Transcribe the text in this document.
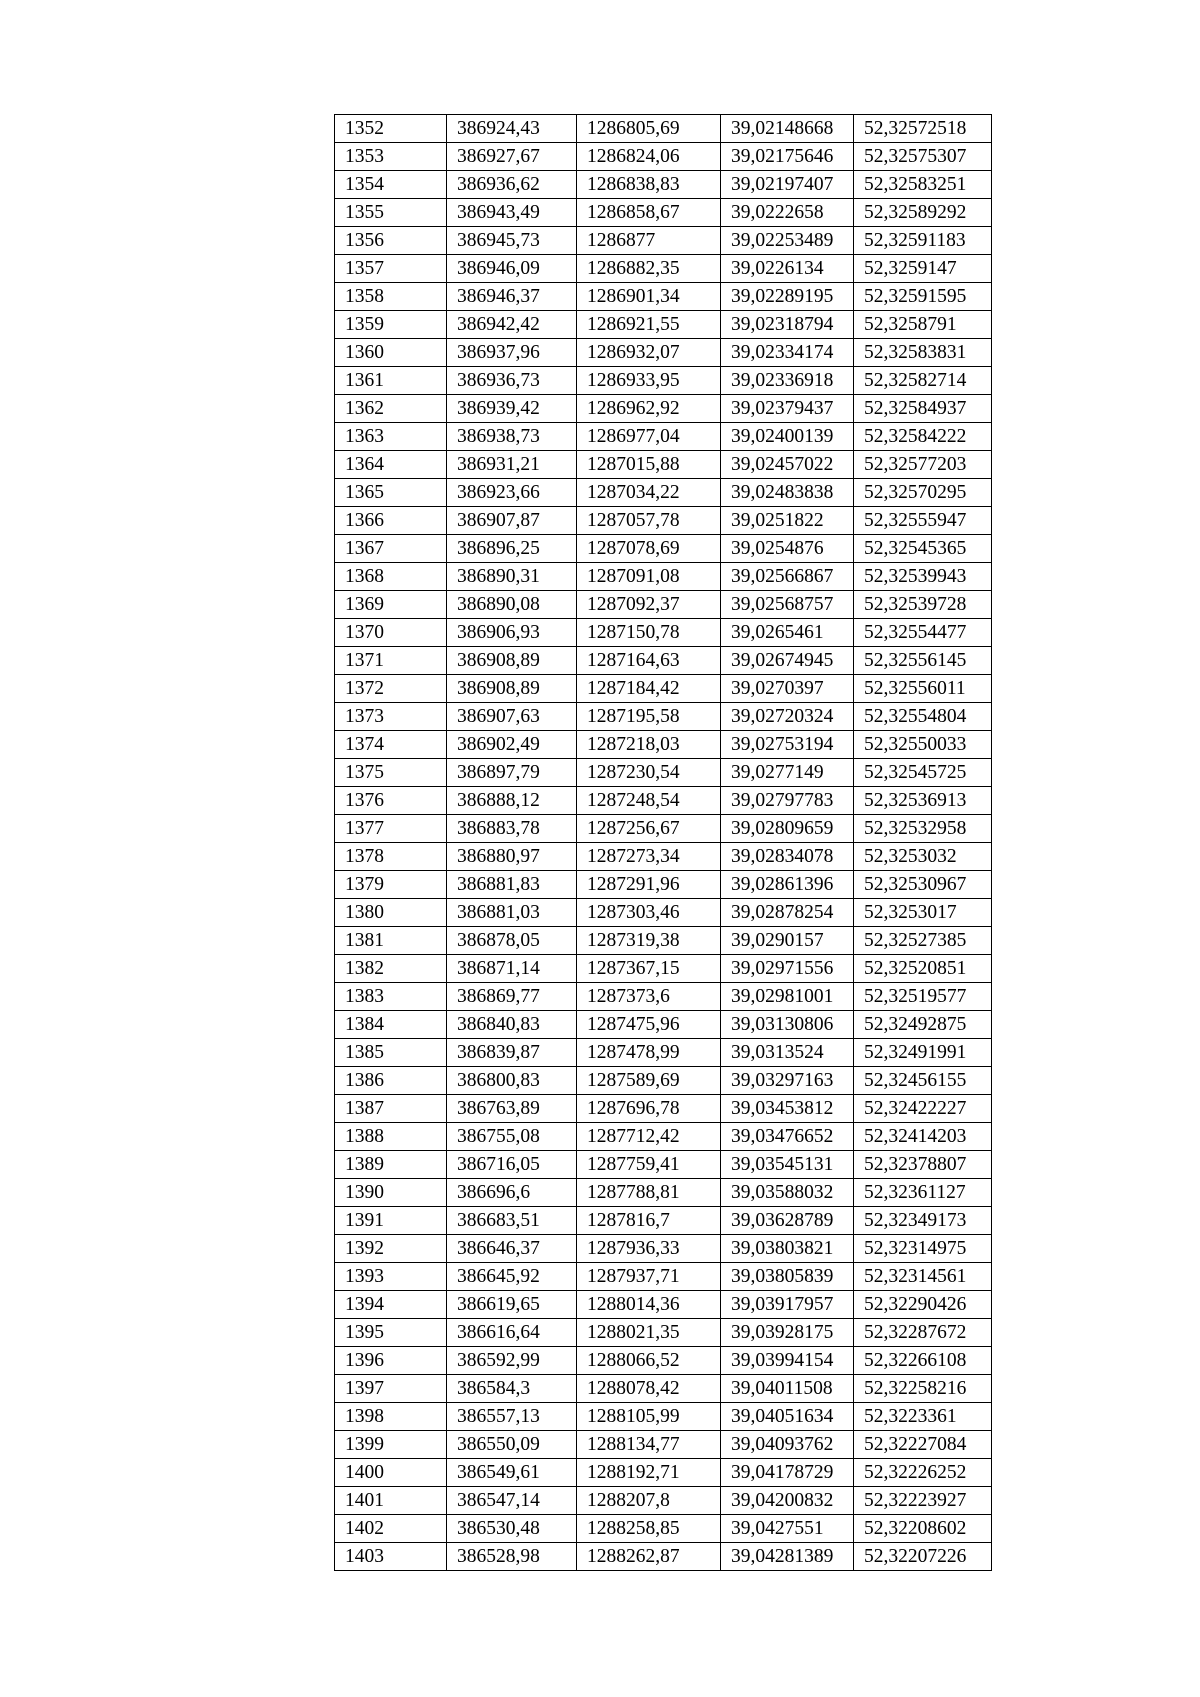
1352	386924,43	1286805,69	39,02148668	52,32572518
1353	386927,67	1286824,06	39,02175646	52,32575307
1354	386936,62	1286838,83	39,02197407	52,32583251
1355	386943,49	1286858,67	39,0222658	52,32589292
1356	386945,73	1286877	39,02253489	52,32591183
1357	386946,09	1286882,35	39,0226134	52,3259147
1358	386946,37	1286901,34	39,02289195	52,32591595
1359	386942,42	1286921,55	39,02318794	52,3258791
1360	386937,96	1286932,07	39,02334174	52,32583831
1361	386936,73	1286933,95	39,02336918	52,32582714
1362	386939,42	1286962,92	39,02379437	52,32584937
1363	386938,73	1286977,04	39,02400139	52,32584222
1364	386931,21	1287015,88	39,02457022	52,32577203
1365	386923,66	1287034,22	39,02483838	52,32570295
1366	386907,87	1287057,78	39,0251822	52,32555947
1367	386896,25	1287078,69	39,0254876	52,32545365
1368	386890,31	1287091,08	39,02566867	52,32539943
1369	386890,08	1287092,37	39,02568757	52,32539728
1370	386906,93	1287150,78	39,0265461	52,32554477
1371	386908,89	1287164,63	39,02674945	52,32556145
1372	386908,89	1287184,42	39,0270397	52,32556011
1373	386907,63	1287195,58	39,02720324	52,32554804
1374	386902,49	1287218,03	39,02753194	52,32550033
1375	386897,79	1287230,54	39,0277149	52,32545725
1376	386888,12	1287248,54	39,02797783	52,32536913
1377	386883,78	1287256,67	39,02809659	52,32532958
1378	386880,97	1287273,34	39,02834078	52,3253032
1379	386881,83	1287291,96	39,02861396	52,32530967
1380	386881,03	1287303,46	39,02878254	52,3253017
1381	386878,05	1287319,38	39,0290157	52,32527385
1382	386871,14	1287367,15	39,02971556	52,32520851
1383	386869,77	1287373,6	39,02981001	52,32519577
1384	386840,83	1287475,96	39,03130806	52,32492875
1385	386839,87	1287478,99	39,0313524	52,32491991
1386	386800,83	1287589,69	39,03297163	52,32456155
1387	386763,89	1287696,78	39,03453812	52,32422227
1388	386755,08	1287712,42	39,03476652	52,32414203
1389	386716,05	1287759,41	39,03545131	52,32378807
1390	386696,6	1287788,81	39,03588032	52,32361127
1391	386683,51	1287816,7	39,03628789	52,32349173
1392	386646,37	1287936,33	39,03803821	52,32314975
1393	386645,92	1287937,71	39,03805839	52,32314561
1394	386619,65	1288014,36	39,03917957	52,32290426
1395	386616,64	1288021,35	39,03928175	52,32287672
1396	386592,99	1288066,52	39,03994154	52,32266108
1397	386584,3	1288078,42	39,04011508	52,32258216
1398	386557,13	1288105,99	39,04051634	52,3223361
1399	386550,09	1288134,77	39,04093762	52,32227084
1400	386549,61	1288192,71	39,04178729	52,32226252
1401	386547,14	1288207,8	39,04200832	52,32223927
1402	386530,48	1288258,85	39,0427551	52,32208602
1403	386528,98	1288262,87	39,04281389	52,32207226
